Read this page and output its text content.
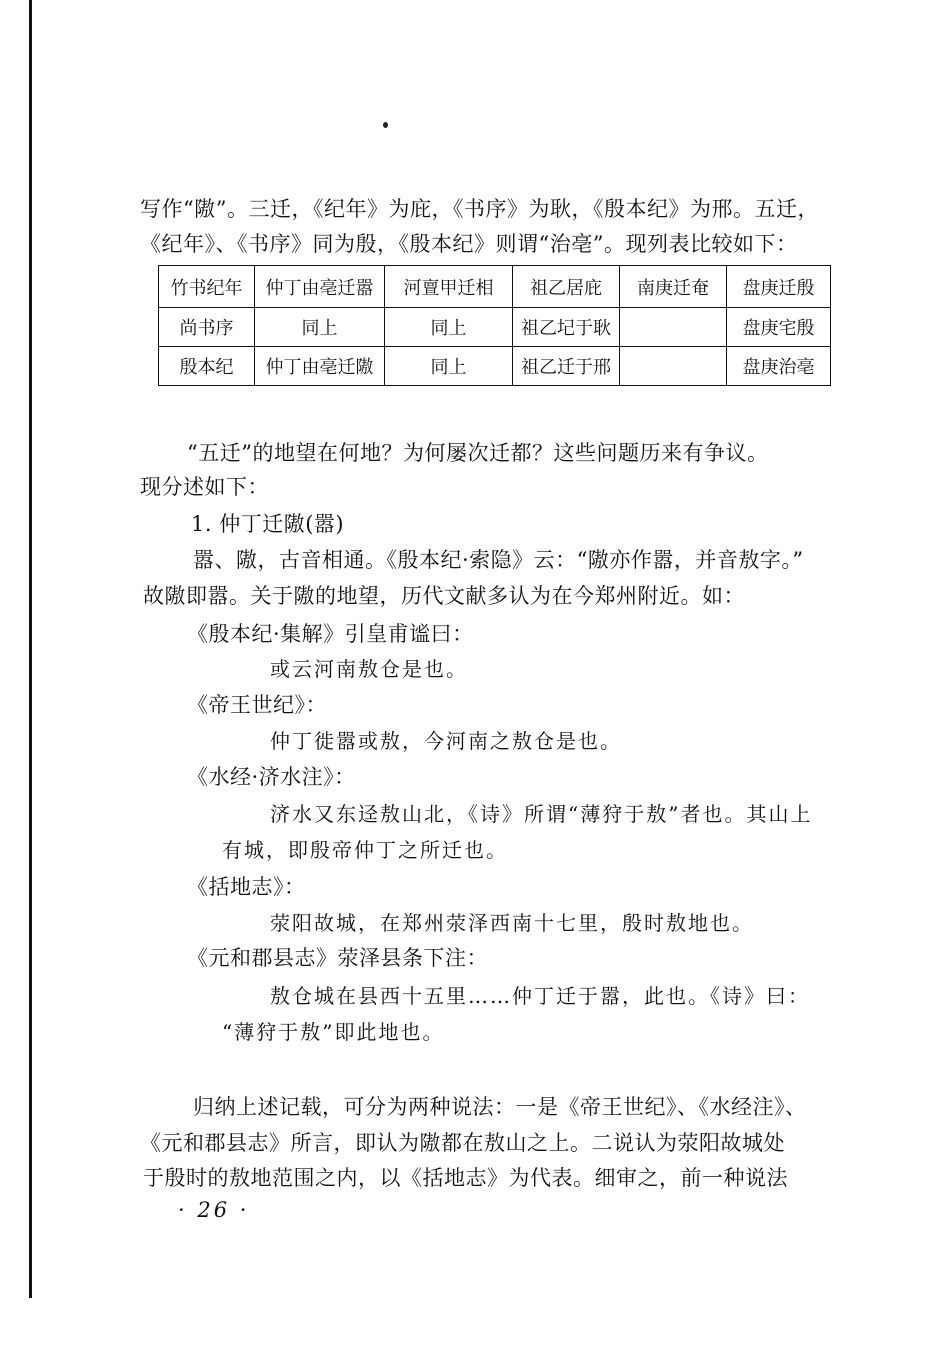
写作“隞”。三迁，《纪年》为庇，《书序》为耿，《殷本纪》为邢。五迁，
《纪年》、《书序》同为殷，《殷本纪》则谓“治亳”。现列表比较如下：
竹书纪年	仲丁由亳迁嚣	河亶甲迁相	祖乙居庇	南庚迁奄	盘庚迁殷
尚书序	同上	同上	祖乙圮于耿		盘庚宅殷
殷本纪	仲丁由亳迁隞	同上	祖乙迁于邢		盘庚治亳
“五迁”的地望在何地？为何屡次迁都？这些问题历来有争议。
现分述如下：
1. 仲丁迁隞(嚣)
嚣、隞，古音相通。《殷本纪·索隐》云：“隞亦作嚣，并音敖字。”
故隞即嚣。关于隞的地望，历代文献多认为在今郑州附近。如：
《殷本纪·集解》引皇甫谧曰：
或云河南敖仓是也。
《帝王世纪》：
仲丁徙嚣或敖，今河南之敖仓是也。
《水经·济水注》：
济水又东迳敖山北，《诗》所谓“薄狩于敖”者也。其山上
有城，即殷帝仲丁之所迁也。
《括地志》：
荥阳故城，在郑州荥泽西南十七里，殷时敖地也。
《元和郡县志》荥泽县条下注：
敖仓城在县西十五里……仲丁迁于嚣，此也。《诗》曰：
“薄狩于敖”即此地也。
归纳上述记载，可分为两种说法：一是《帝王世纪》、《水经注》、
《元和郡县志》所言，即认为隞都在敖山之上。二说认为荥阳故城处
于殷时的敖地范围之内，以《括地志》为代表。细审之，前一种说法
· 26 ·
